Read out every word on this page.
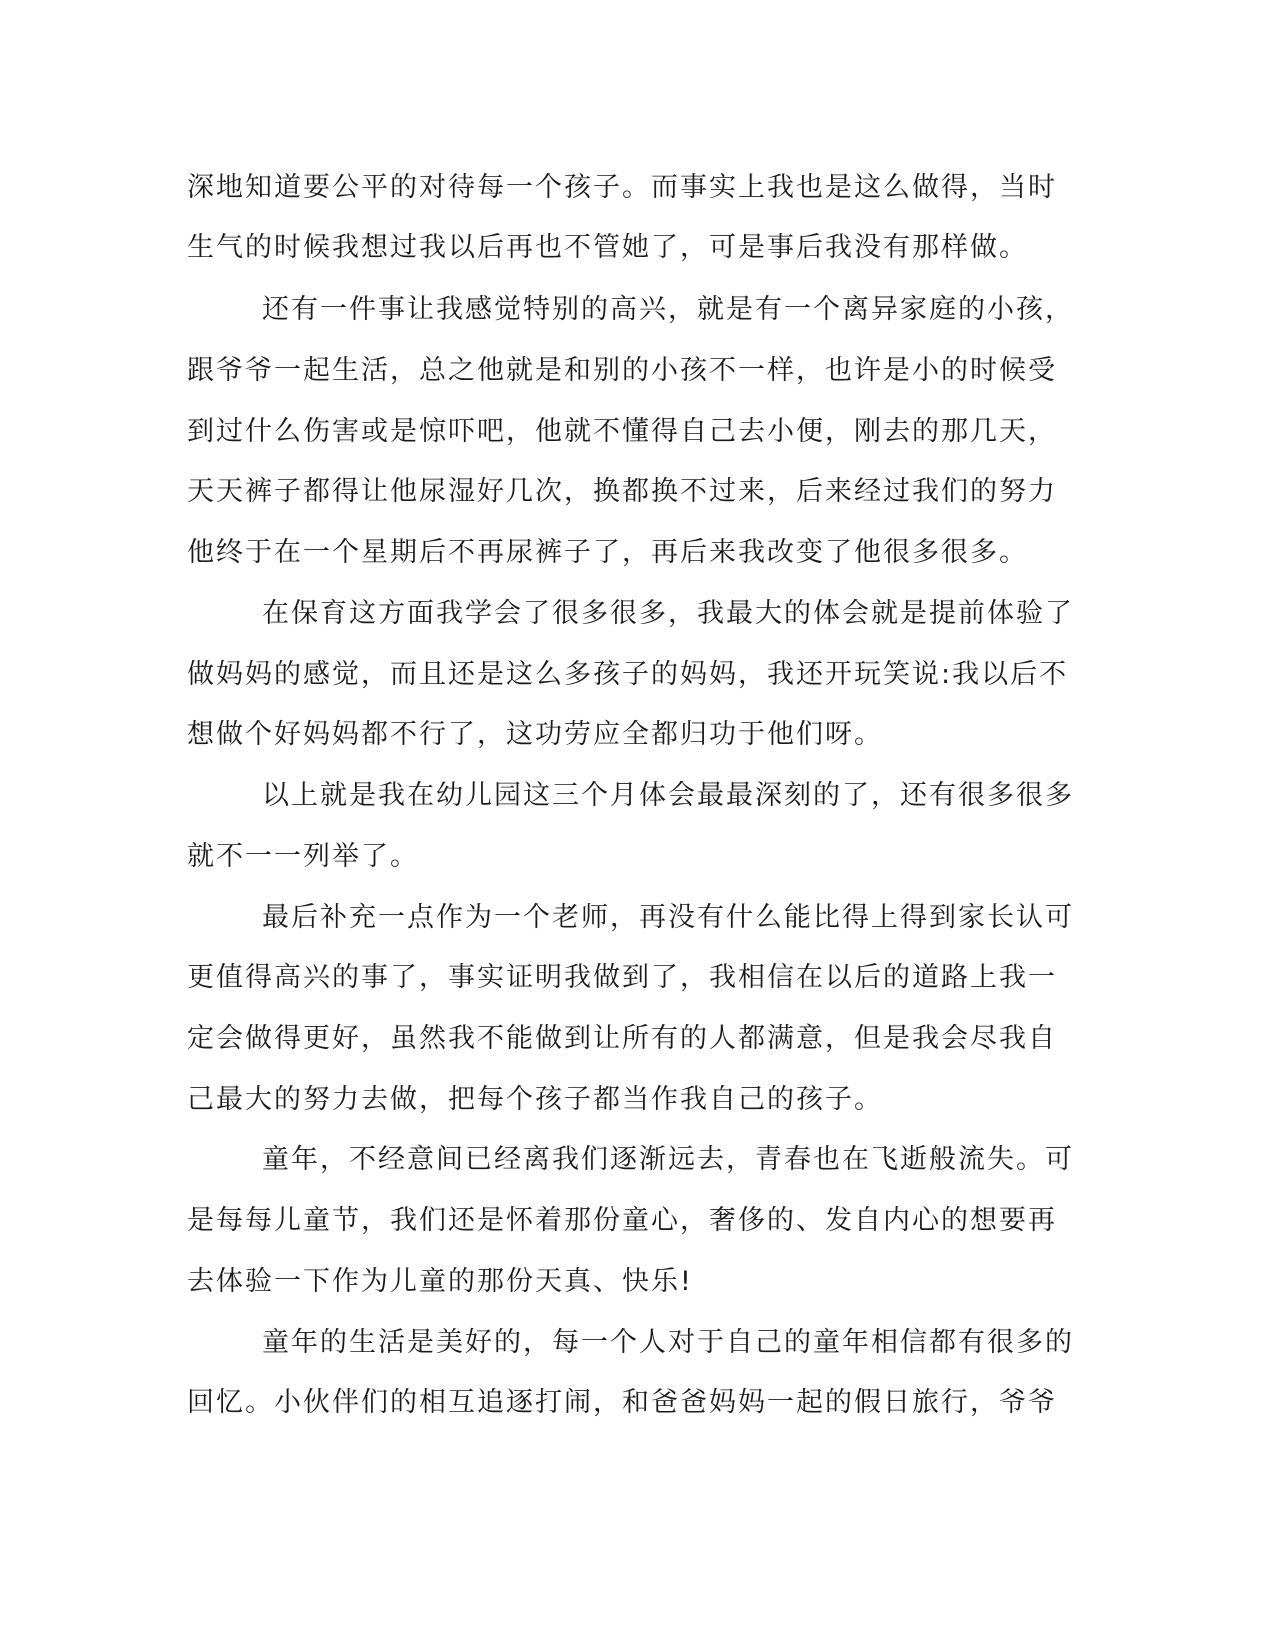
深地知道要公平的对待每一个孩子。而事实上我也是这么做得，当时
生气的时候我想过我以后再也不管她了，可是事后我没有那样做。
还有一件事让我感觉特别的高兴，就是有一个离异家庭的小孩，
跟爷爷一起生活，总之他就是和别的小孩不一样，也许是小的时候受
到过什么伤害或是惊吓吧，他就不懂得自己去小便，刚去的那几天，
天天裤子都得让他尿湿好几次，换都换不过来，后来经过我们的努力
他终于在一个星期后不再尿裤子了，再后来我改变了他很多很多。
在保育这方面我学会了很多很多，我最大的体会就是提前体验了
做妈妈的感觉，而且还是这么多孩子的妈妈，我还开玩笑说:我以后不
想做个好妈妈都不行了，这功劳应全都归功于他们呀。
以上就是我在幼儿园这三个月体会最最深刻的了，还有很多很多
就不一一列举了。
最后补充一点作为一个老师，再没有什么能比得上得到家长认可
更值得高兴的事了，事实证明我做到了，我相信在以后的道路上我一
定会做得更好，虽然我不能做到让所有的人都满意，但是我会尽我自
己最大的努力去做，把每个孩子都当作我自己的孩子。
童年，不经意间已经离我们逐渐远去，青春也在飞逝般流失。可
是每每儿童节，我们还是怀着那份童心，奢侈的、发自内心的想要再
去体验一下作为儿童的那份天真、快乐!
童年的生活是美好的，每一个人对于自己的童年相信都有很多的
回忆。小伙伴们的相互追逐打闹，和爸爸妈妈一起的假日旅行，爷爷
